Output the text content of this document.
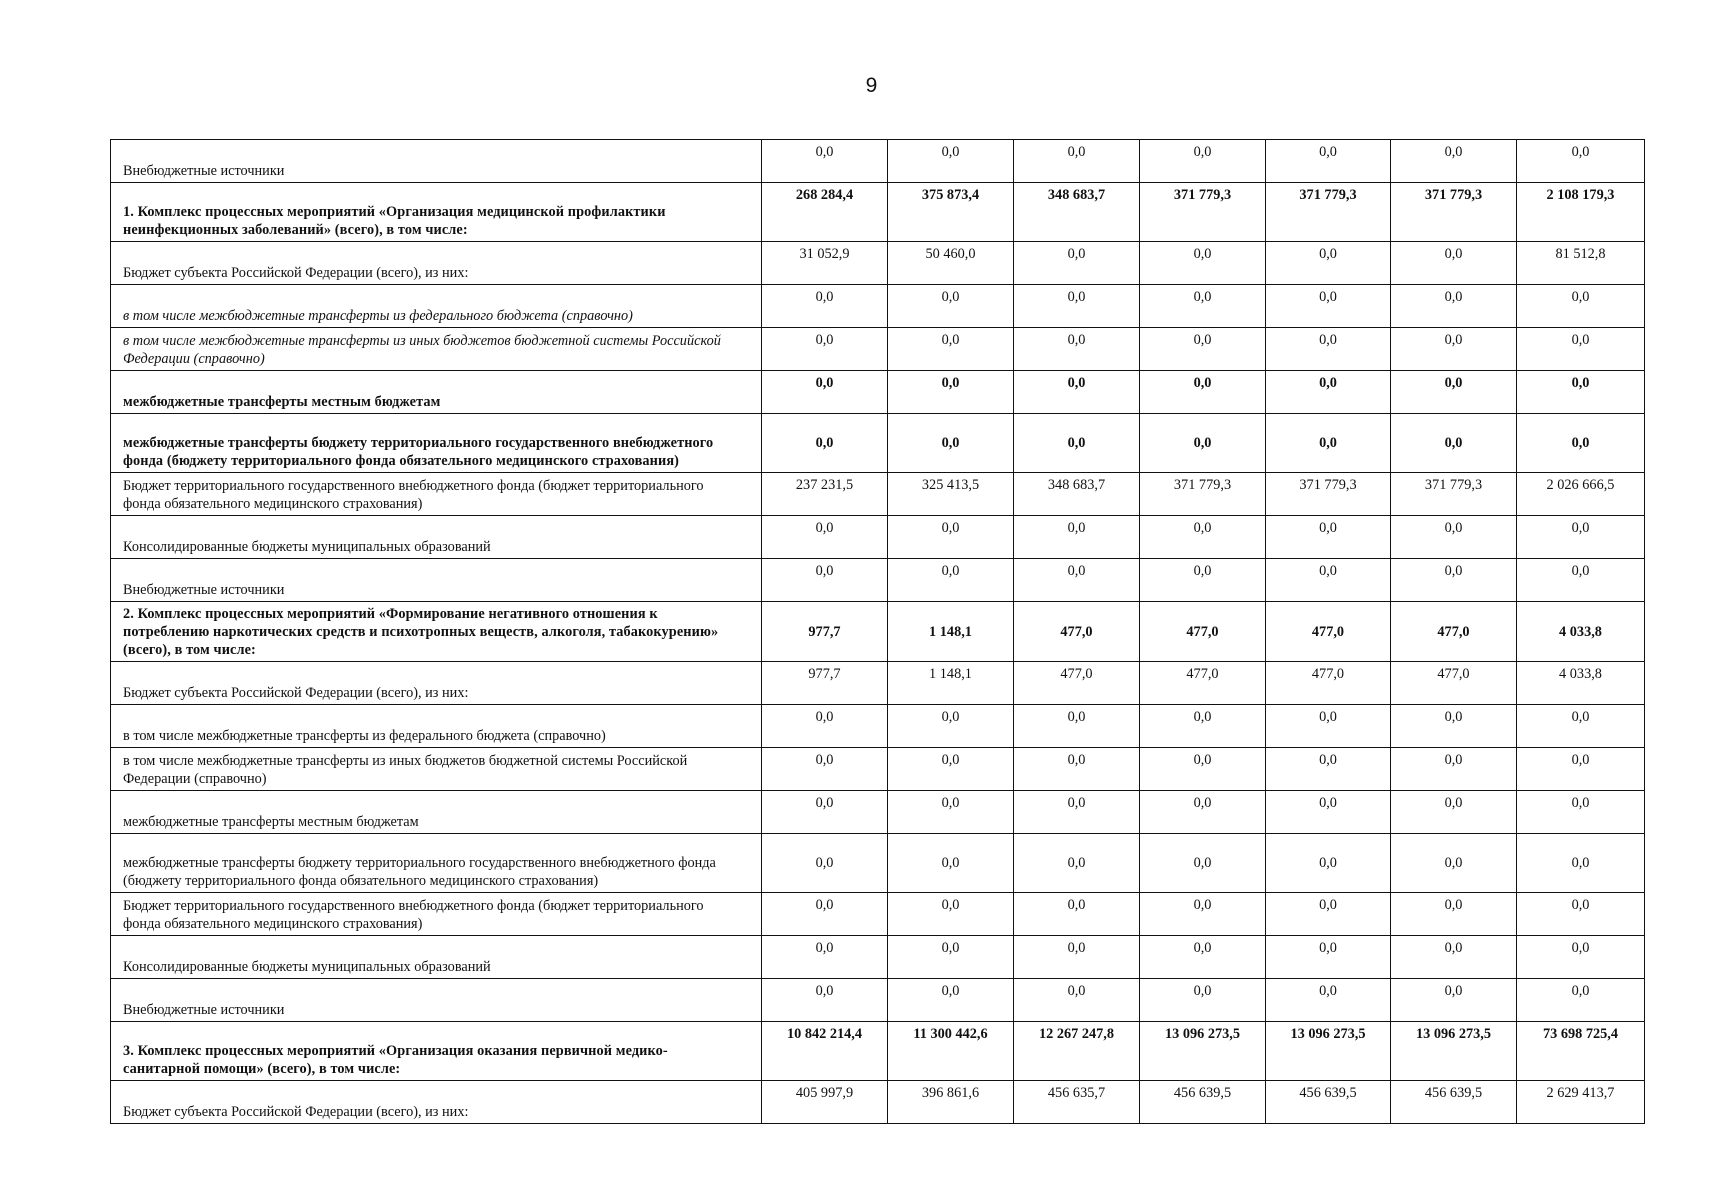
9
Внебюджетные источники	0,0	0,0	0,0	0,0	0,0	0,0	0,0
1. Комплекс процессных мероприятий «Организация медицинской профилактики неинфекционных заболеваний» (всего), в том числе:	268 284,4	375 873,4	348 683,7	371 779,3	371 779,3	371 779,3	2 108 179,3
Бюджет субъекта Российской Федерации (всего), из них:	31 052,9	50 460,0	0,0	0,0	0,0	0,0	81 512,8
в том числе межбюджетные трансферты из федерального бюджета (справочно)	0,0	0,0	0,0	0,0	0,0	0,0	0,0
в том числе межбюджетные трансферты из иных бюджетов бюджетной системы Российской Федерации (справочно)	0,0	0,0	0,0	0,0	0,0	0,0	0,0
межбюджетные трансферты местным бюджетам	0,0	0,0	0,0	0,0	0,0	0,0	0,0
межбюджетные трансферты бюджету территориального государственного внебюджетного фонда (бюджету территориального фонда обязательного медицинского страхования)	0,0	0,0	0,0	0,0	0,0	0,0	0,0
Бюджет территориального государственного внебюджетного фонда (бюджет территориального фонда обязательного медицинского страхования)	237 231,5	325 413,5	348 683,7	371 779,3	371 779,3	371 779,3	2 026 666,5
Консолидированные бюджеты муниципальных образований	0,0	0,0	0,0	0,0	0,0	0,0	0,0
Внебюджетные источники	0,0	0,0	0,0	0,0	0,0	0,0	0,0
2. Комплекс процессных мероприятий «Формирование негативного отношения к потреблению наркотических средств и психотропных веществ, алкоголя, табакокурению» (всего), в том числе:	977,7	1 148,1	477,0	477,0	477,0	477,0	4 033,8
Бюджет субъекта Российской Федерации (всего), из них:	977,7	1 148,1	477,0	477,0	477,0	477,0	4 033,8
в том числе межбюджетные трансферты из федерального бюджета (справочно)	0,0	0,0	0,0	0,0	0,0	0,0	0,0
в том числе межбюджетные трансферты из иных бюджетов бюджетной системы Российской Федерации (справочно)	0,0	0,0	0,0	0,0	0,0	0,0	0,0
межбюджетные трансферты местным бюджетам	0,0	0,0	0,0	0,0	0,0	0,0	0,0
межбюджетные трансферты бюджету территориального государственного внебюджетного фонда (бюджету территориального фонда обязательного медицинского страхования)	0,0	0,0	0,0	0,0	0,0	0,0	0,0
Бюджет территориального государственного внебюджетного фонда (бюджет территориального фонда обязательного медицинского страхования)	0,0	0,0	0,0	0,0	0,0	0,0	0,0
Консолидированные бюджеты муниципальных образований	0,0	0,0	0,0	0,0	0,0	0,0	0,0
Внебюджетные источники	0,0	0,0	0,0	0,0	0,0	0,0	0,0
3. Комплекс процессных мероприятий «Организация оказания первичной медико-санитарной помощи» (всего), в том числе:	10 842 214,4	11 300 442,6	12 267 247,8	13 096 273,5	13 096 273,5	13 096 273,5	73 698 725,4
Бюджет субъекта Российской Федерации (всего), из них:	405 997,9	396 861,6	456 635,7	456 639,5	456 639,5	456 639,5	2 629 413,7
